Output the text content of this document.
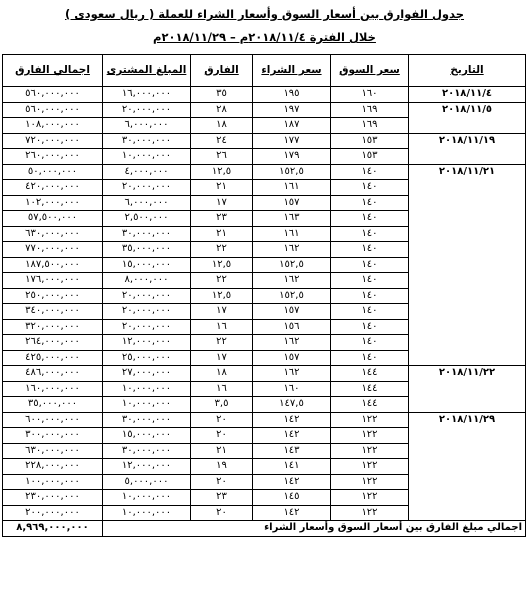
جدول الفوارق بين أسعار السوق وأسعار الشراء للعملة ( ريال سعودى )
خلال الفترة ٢٠١٨/١١/٤م – ٢٠١٨/١١/٢٩م
التاريخ	سعر السوق	سعر الشراء	الفارق	المبلغ المشترى	اجمالي الفارق
٢٠١٨/١١/٤	١٦٠	١٩٥	٣٥	١٦,٠٠٠,٠٠٠	٥٦٠,٠٠٠,٠٠٠
٢٠١٨/١١/٥	١٦٩	١٩٧	٢٨	٢٠,٠٠٠,٠٠٠	٥٦٠,٠٠٠,٠٠٠
	١٦٩	١٨٧	١٨	٦,٠٠٠,٠٠٠	١٠٨,٠٠٠,٠٠٠
٢٠١٨/١١/١٩	١٥٣	١٧٧	٢٤	٣٠,٠٠٠,٠٠٠	٧٢٠,٠٠٠,٠٠٠
	١٥٣	١٧٩	٢٦	١٠,٠٠٠,٠٠٠	٢٦٠,٠٠٠,٠٠٠
٢٠١٨/١١/٢١	١٤٠	١٥٢,٥	١٢,٥	٤,٠٠٠,٠٠٠	٥٠,٠٠٠,٠٠٠
	١٤٠	١٦١	٢١	٢٠,٠٠٠,٠٠٠	٤٢٠,٠٠٠,٠٠٠
	١٤٠	١٥٧	١٧	٦,٠٠٠,٠٠٠	١٠٢,٠٠٠,٠٠٠
	١٤٠	١٦٣	٢٣	٢,٥٠٠,٠٠٠	٥٧,٥٠٠,٠٠٠
	١٤٠	١٦١	٢١	٣٠,٠٠٠,٠٠٠	٦٣٠,٠٠٠,٠٠٠
	١٤٠	١٦٢	٢٢	٣٥,٠٠٠,٠٠٠	٧٧٠,٠٠٠,٠٠٠
	١٤٠	١٥٢,٥	١٢,٥	١٥,٠٠٠,٠٠٠	١٨٧,٥٠٠,٠٠٠
	١٤٠	١٦٢	٢٢	٨,٠٠٠,٠٠٠	١٧٦,٠٠٠,٠٠٠
	١٤٠	١٥٢,٥	١٢,٥	٢٠,٠٠٠,٠٠٠	٢٥٠,٠٠٠,٠٠٠
	١٤٠	١٥٧	١٧	٢٠,٠٠٠,٠٠٠	٣٤٠,٠٠٠,٠٠٠
	١٤٠	١٥٦	١٦	٢٠,٠٠٠,٠٠٠	٣٢٠,٠٠٠,٠٠٠
	١٤٠	١٦٢	٢٢	١٢,٠٠٠,٠٠٠	٢٦٤,٠٠٠,٠٠٠
	١٤٠	١٥٧	١٧	٢٥,٠٠٠,٠٠٠	٤٢٥,٠٠٠,٠٠٠
٢٠١٨/١١/٢٢	١٤٤	١٦٢	١٨	٢٧,٠٠٠,٠٠٠	٤٨٦,٠٠٠,٠٠٠
	١٤٤	١٦٠	١٦	١٠,٠٠٠,٠٠٠	١٦٠,٠٠٠,٠٠٠
	١٤٤	١٤٧,٥	٣,٥	١٠,٠٠٠,٠٠٠	٣٥,٠٠٠,٠٠٠
٢٠١٨/١١/٢٩	١٢٢	١٤٢	٢٠	٣٠,٠٠٠,٠٠٠	٦٠٠,٠٠٠,٠٠٠
	١٢٢	١٤٢	٢٠	١٥,٠٠٠,٠٠٠	٣٠٠,٠٠٠,٠٠٠
	١٢٢	١٤٣	٢١	٣٠,٠٠٠,٠٠٠	٦٣٠,٠٠٠,٠٠٠
	١٢٢	١٤١	١٩	١٢,٠٠٠,٠٠٠	٢٢٨,٠٠٠,٠٠٠
	١٢٢	١٤٢	٢٠	٥,٠٠٠,٠٠٠	١٠٠,٠٠٠,٠٠٠
	١٢٢	١٤٥	٢٣	١٠,٠٠٠,٠٠٠	٢٣٠,٠٠٠,٠٠٠
	١٢٢	١٤٢	٢٠	١٠,٠٠٠,٠٠٠	٢٠٠,٠٠٠,٠٠٠
اجمالي مبلغ الفارق بين أسعار السوق وأسعار الشراء					٨,٩٦٩,٠٠٠,٠٠٠
